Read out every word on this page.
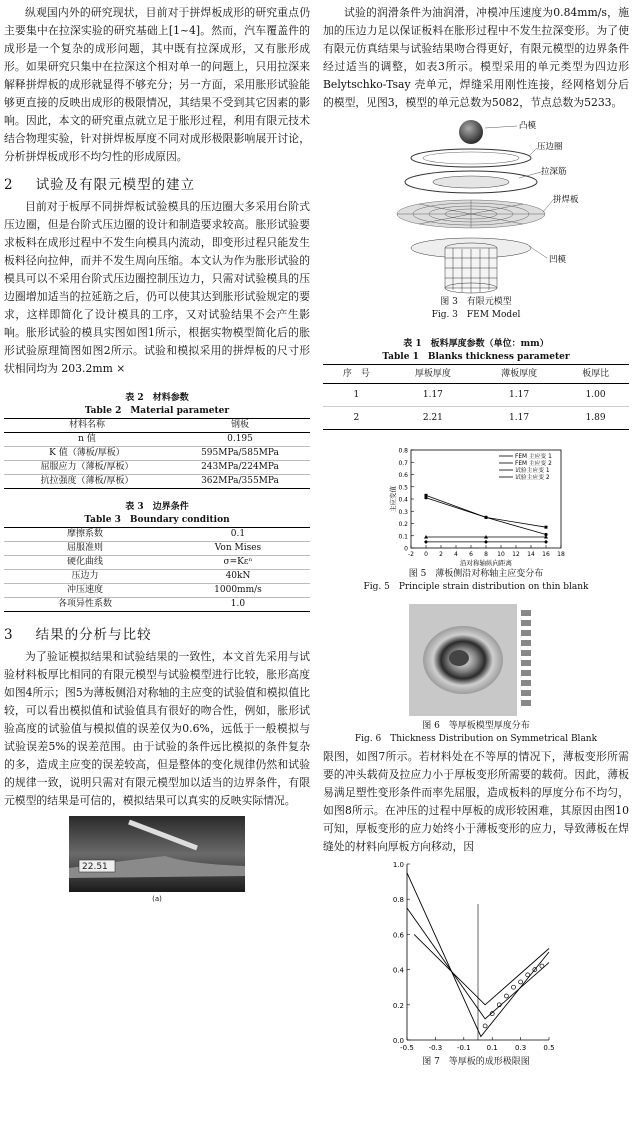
纵观国内外的研究现状，目前对于拼焊板成形的研究重点仍主要集中在拉深实验的研究基础上[1~4]。然而，汽车覆盖件的成形是一个复杂的成形问题，其中既有拉深成形，又有胀形成形。如果研究只集中在拉深这个相对单一的问题上，只用拉深来解释拼焊板的成形就显得不够充分；另一方面，采用胀形试验能够更直接的反映出成形的极限情况，其结果不受到其它因素的影响。因此，本文的研究重点就立足于胀形过程，利用有限元技术结合物理实验，针对拼焊板厚度不同对成形极限影响展开讨论，分析拼焊板成形不均匀性的形成原因。

2 试验及有限元模型的建立

目前对于板厚不同拼焊板试验模具的压边圈大多采用台阶式压边圈，但是台阶式压边圈的设计和制造要求较高。胀形试验要求板料在成形过程中不发生向模具内流动，即变形过程只能发生板料径向拉伸，而并不发生周向压缩。本文认为作为胀形试验的模具可以不采用台阶式压边圈控制压边力，只需对试验模具的压边圈增加适当的拉延筋之后，仍可以使其达到胀形试验规定的要求，这样即简化了设计模具的工序，又对试验结果不会产生影响。胀形试验的模具实图如图1所示，根据实物模型简化后的胀形试验原理简图如图2所示。试验和模拟采用的拼焊板的尺寸形状相同均为 203.2mm ×

表 2　材料参数

Table 2　Material parameter

材料名称	钢板
n 值	0.195
K 值（薄板/厚板）	595MPa/585MPa
屈服应力（薄板/厚板）	243MPa/224MPa
抗拉强度（薄板/厚板）	362MPa/355MPa

表 3　边界条件

Table 3　Boundary condition

摩擦系数	0.1
屈服准则	Von Mises
硬化曲线	σ=Kεⁿ
压边力	40kN
冲压速度	1000mm/s
各项异性系数	1.0
3 结果的分析与比较

为了验证模拟结果和试验结果的一致性，本文首先采用与试验材料板厚比相同的有限元模型与试验模型进行比较，胀形高度如图4所示；图5为薄板侧沿对称轴的主应变的试验值和模拟值比较，可以看出模拟值和试验值具有很好的吻合性，例如，胀形试验高度的试验值与模拟值的误差仅为0.6%，远低于一般模拟与试验误差5%的误差范围。由于试验的条件远比模拟的条件复杂的多，造成主应变的误差较高，但是整体的变化规律仍然和试验的规律一致，说明只需对有限元模型加以适当的边界条件，有限元模型的结果是可信的，模拟结果可以真实的反映实际情况。

22.51
(a)

试验的润滑条件为油润滑，冲模冲压速度为0.84mm/s，施加的压边力足以保证板料在胀形过程中不发生拉深变形。为了使有限元仿真结果与试验结果吻合得更好，有限元模型的边界条件经过适当的调整，如表3所示。模型采用的单元类型为四边形 Belytschko-Tsay 壳单元，焊缝采用刚性连接，经网格划分后的模型，见图3，模型的单元总数为5082，节点总数为5233。

凸模
压边圈
拉深筋
拼焊板
凹模

图 3　有限元模型

Fig. 3　FEM Model

表 1　板料厚度参数（单位：mm）

Table 1　Blanks thickness parameter

序　号	厚板厚度	薄板厚度	板厚比
1	1.17	1.17	1.00
2	2.21	1.17	1.89
0
0.1
0.2
0.3
0.4
0.5
0.6
0.7
0.8
-2 0 2 4 6 8 10 12 14 16 18
主应变值
沿对称轴纵向距离
FEM 主应变 1
FEM 主应变 2
试验主应变 1
试验主应变 2

图 5　薄板侧沿对称轴主应变分布

Fig. 5　Principle strain distribution on thin blank

图 6　等厚板模型厚度分布

Fig. 6　Thickness Distribution on Symmetrical Blank

限图，如图7所示。若材料处在不等厚的情况下，薄板变形所需要的冲头载荷及拉应力小于厚板变形所需要的载荷。因此，薄板易满足塑性变形条件而率先屈服，造成板料的厚度分布不均匀，如图8所示。在冲压的过程中厚板的成形较困难，其原因由图10可知，厚板变形的应力始终小于薄板变形的应力，导致薄板在焊缝处的材料向厚板方向移动，因

0.0
0.2
0.4
0.6
0.8
1.0
-0.5 -0.3 -0.1 0.1 0.3 0.5

图 7　等厚板的成形极限图
